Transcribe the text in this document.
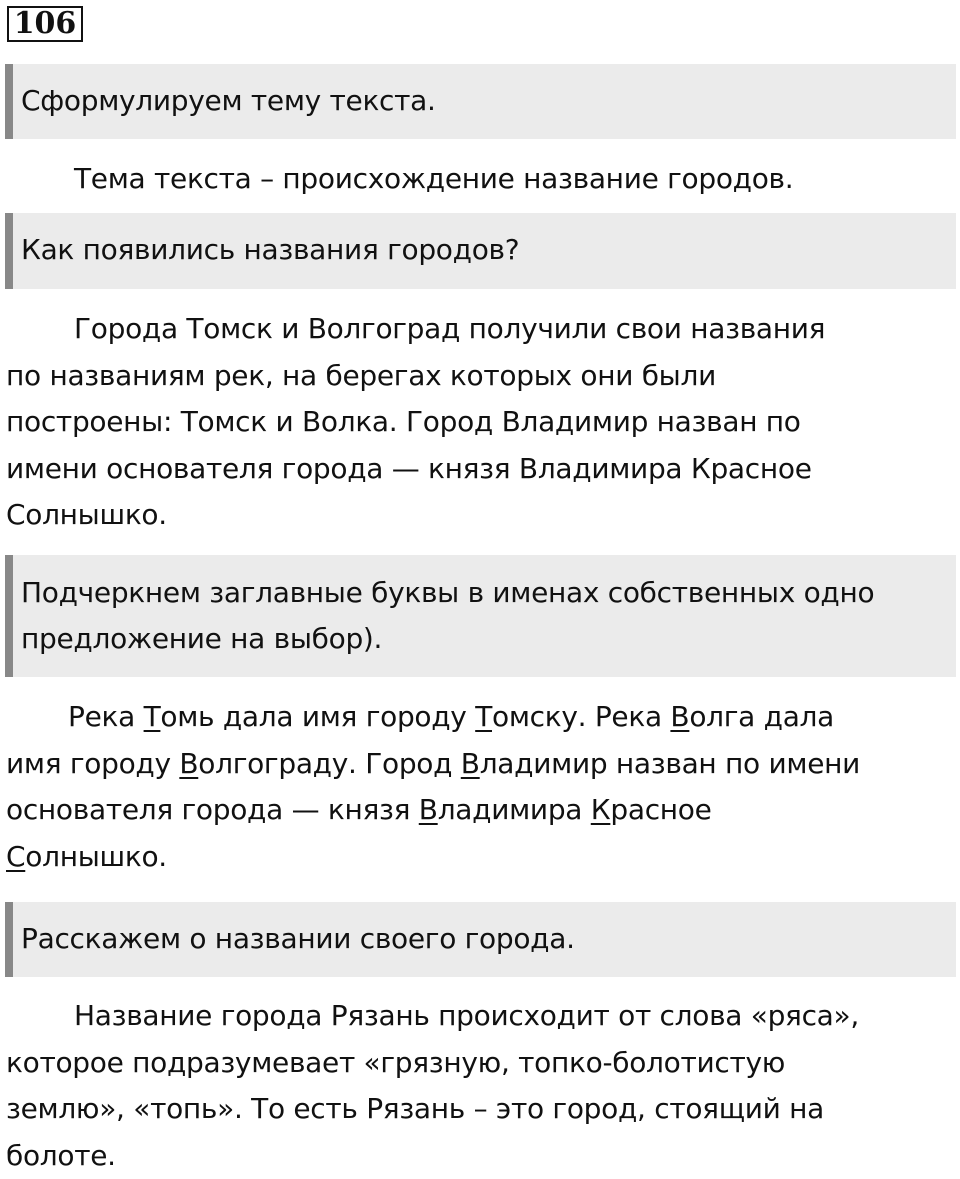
106
Сформулируем тему текста.

Тема текста – происхождение название городов.

Как появились названия городов?
Города Томск и Волгоград получили свои названия
по названиям рек, на берегах которых они были
построены: Томск и Волка. Город Владимир назван по
имени основателя города — князя Владимира Красное
Солнышко.
Подчеркнем заглавные буквы в именах собственных одно
предложение на выбор).
Река Томь дала имя городу Томску. Река Волга дала
имя городу Волгограду. Город Владимир назван по имени
основателя города — князя Владимира Красное
Солнышко.
Расскажем о названии своего города.
Название города Рязань происходит от слова «ряса»,
которое подразумевает «грязную, топко-болотистую
землю», «топь». То есть Рязань – это город, стоящий на
болоте.
